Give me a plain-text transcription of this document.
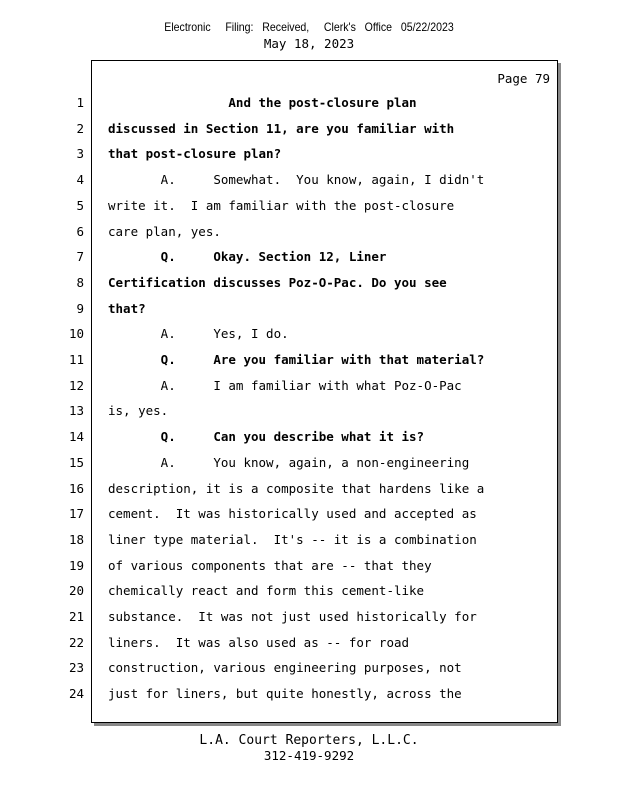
Electronic     Filing:   Received,     Clerk's   Office   05/22/2023
May 18, 2023
Page 79
1 And the post-closure plan
2 discussed in Section 11, are you familiar with
3 that post-closure plan?
4 A.     Somewhat.  You know, again, I didn't
5 write it.  I am familiar with the post-closure
6 care plan, yes.
7 Q.     Okay. Section 12, Liner
8 Certification discusses Poz-O-Pac. Do you see
9 that?
10 A.     Yes, I do.
11 Q.     Are you familiar with that material?
12 A.     I am familiar with what Poz-O-Pac
13 is, yes.
14 Q.     Can you describe what it is?
15 A.     You know, again, a non-engineering
16 description, it is a composite that hardens like a
17 cement.  It was historically used and accepted as
18 liner type material.  It's -- it is a combination
19 of various components that are -- that they
20 chemically react and form this cement-like
21 substance.  It was not just used historically for
22 liners.  It was also used as -- for road
23 construction, various engineering purposes, not
24 just for liners, but quite honestly, across the
L.A. Court Reporters, L.L.C.
312-419-9292
